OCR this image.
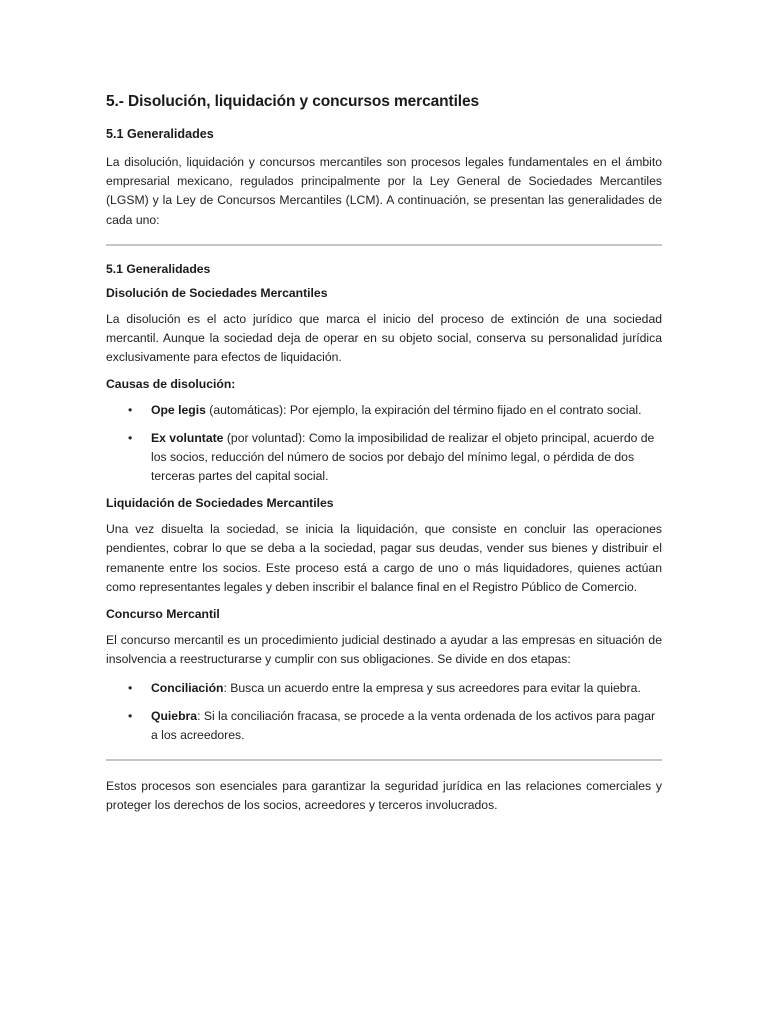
5.- Disolución, liquidación y concursos mercantiles
5.1 Generalidades

La disolución, liquidación y concursos mercantiles son procesos legales fundamentales en el ámbito empresarial mexicano, regulados principalmente por la Ley General de Sociedades Mercantiles (LGSM) y la Ley de Concursos Mercantiles (LCM). A continuación, se presentan las generalidades de cada uno:

5.1 Generalidades
Disolución de Sociedades Mercantiles

La disolución es el acto jurídico que marca el inicio del proceso de extinción de una sociedad mercantil. Aunque la sociedad deja de operar en su objeto social, conserva su personalidad jurídica exclusivamente para efectos de liquidación.

Causas de disolución:
• Ope legis (automáticas): Por ejemplo, la expiración del término fijado en el contrato social.
• Ex voluntate (por voluntad): Como la imposibilidad de realizar el objeto principal, acuerdo de los socios, reducción del número de socios por debajo del mínimo legal, o pérdida de dos terceras partes del capital social.
Liquidación de Sociedades Mercantiles

Una vez disuelta la sociedad, se inicia la liquidación, que consiste en concluir las operaciones pendientes, cobrar lo que se deba a la sociedad, pagar sus deudas, vender sus bienes y distribuir el remanente entre los socios. Este proceso está a cargo de uno o más liquidadores, quienes actúan como representantes legales y deben inscribir el balance final en el Registro Público de Comercio.

Concurso Mercantil

El concurso mercantil es un procedimiento judicial destinado a ayudar a las empresas en situación de insolvencia a reestructurarse y cumplir con sus obligaciones. Se divide en dos etapas:

• Conciliación: Busca un acuerdo entre la empresa y sus acreedores para evitar la quiebra.
• Quiebra: Si la conciliación fracasa, se procede a la venta ordenada de los activos para pagar a los acreedores.

Estos procesos son esenciales para garantizar la seguridad jurídica en las relaciones comerciales y proteger los derechos de los socios, acreedores y terceros involucrados.
